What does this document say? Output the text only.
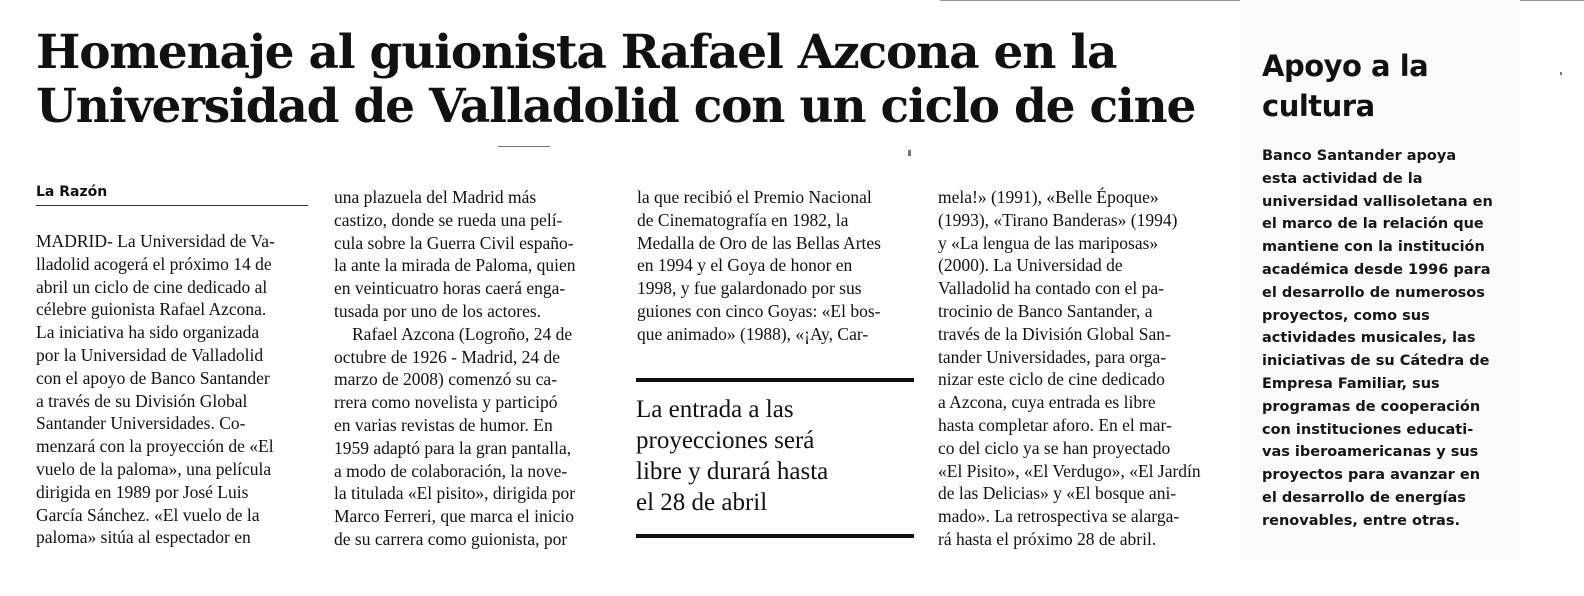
Homenaje al guionista Rafael Azcona en la
Universidad de Valladolid con un ciclo de cine
La Razón
MADRID- La Universidad de Va-
lladolid acogerá el próximo 14 de
abril un ciclo de cine dedicado al
célebre guionista Rafael Azcona.
La iniciativa ha sido organizada
por la Universidad de Valladolid
con el apoyo de Banco Santander
a través de su División Global
Santander Universidades. Co-
menzará con la proyección de «El
vuelo de la paloma», una película
dirigida en 1989 por José Luis
García Sánchez. «El vuelo de la
paloma» sitúa al espectador en
una plazuela del Madrid más
castizo, donde se rueda una pelí-
cula sobre la Guerra Civil españo-
la ante la mirada de Paloma, quien
en veinticuatro horas caerá enga-
tusada por uno de los actores.
Rafael Azcona (Logroño, 24 de
octubre de 1926 - Madrid, 24 de
marzo de 2008) comenzó su ca-
rrera como novelista y participó
en varias revistas de humor. En
1959 adaptó para la gran pantalla,
a modo de colaboración, la nove-
la titulada «El pisito», dirigida por
Marco Ferreri, que marca el inicio
de su carrera como guionista, por
la que recibió el Premio Nacional
de Cinematografía en 1982, la
Medalla de Oro de las Bellas Artes
en 1994 y el Goya de honor en
1998, y fue galardonado por sus
guiones con cinco Goyas: «El bos-
que animado» (1988), «¡Ay, Car-
La entrada a las
proyecciones será
libre y durará hasta
el 28 de abril
mela!» (1991), «Belle Époque»
(1993), «Tirano Banderas» (1994)
y «La lengua de las mariposas»
(2000). La Universidad de
Valladolid ha contado con el pa-
trocinio de Banco Santander, a
través de la División Global San-
tander Universidades, para orga-
nizar este ciclo de cine dedicado
a Azcona, cuya entrada es libre
hasta completar aforo. En el mar-
co del ciclo ya se han proyectado
«El Pisito», «El Verdugo», «El Jardín
de las Delicias» y «El bosque ani-
mado». La retrospectiva se alarga-
rá hasta el próximo 28 de abril.
Apoyo a la
cultura
Banco Santander apoya
esta actividad de la
universidad vallisoletana en
el marco de la relación que
mantiene con la institución
académica desde 1996 para
el desarrollo de numerosos
proyectos, como sus
actividades musicales, las
iniciativas de su Cátedra de
Empresa Familiar, sus
programas de cooperación
con instituciones educati-
vas iberoamericanas y sus
proyectos para avanzar en
el desarrollo de energías
renovables, entre otras.
